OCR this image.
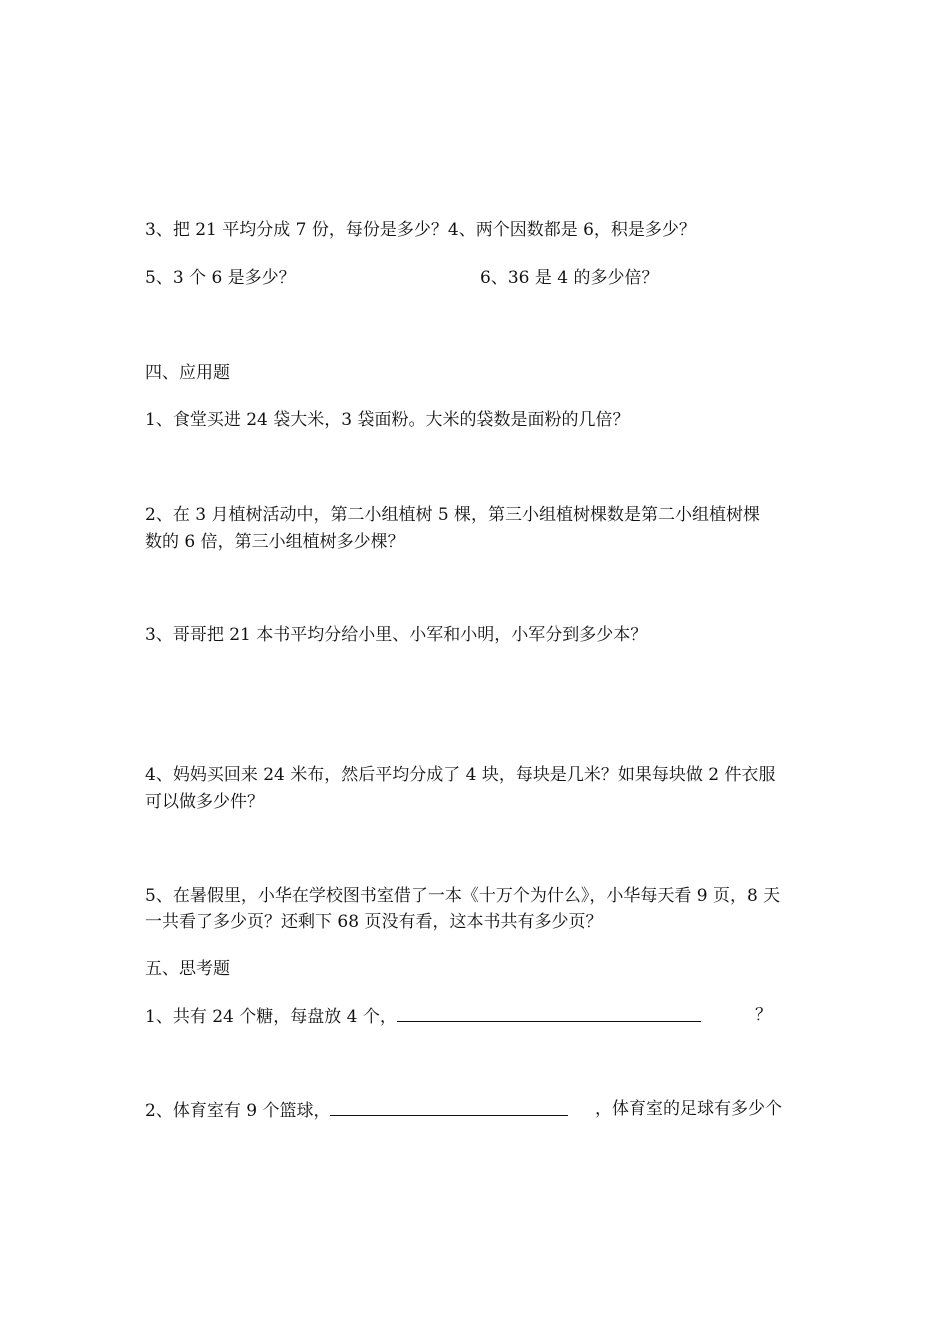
3、把 21 平均分成 7 份，每份是多少？4、两个因数都是 6，积是多少？
5、3 个 6 是多少？	6、36 是 4 的多少倍？
四、应用题
1、食堂买进 24 袋大米，3 袋面粉。大米的袋数是面粉的几倍？
2、在 3 月植树活动中，第二小组植树 5 棵，第三小组植树棵数是第二小组植树棵
数的 6 倍，第三小组植树多少棵？
3、哥哥把 21 本书平均分给小里、小军和小明，小军分到多少本？
4、妈妈买回来 24 米布，然后平均分成了 4 块，每块是几米？如果每块做 2 件衣服
可以做多少件？
5、在暑假里，小华在学校图书室借了一本《十万个为什么》，小华每天看 9 页，8 天
一共看了多少页？还剩下 68 页没有看，这本书共有多少页？
五、思考题
1、共有 24 个糖，每盘放 4 个，	？
2、体育室有 9 个篮球，	，体育室的足球有多少个
